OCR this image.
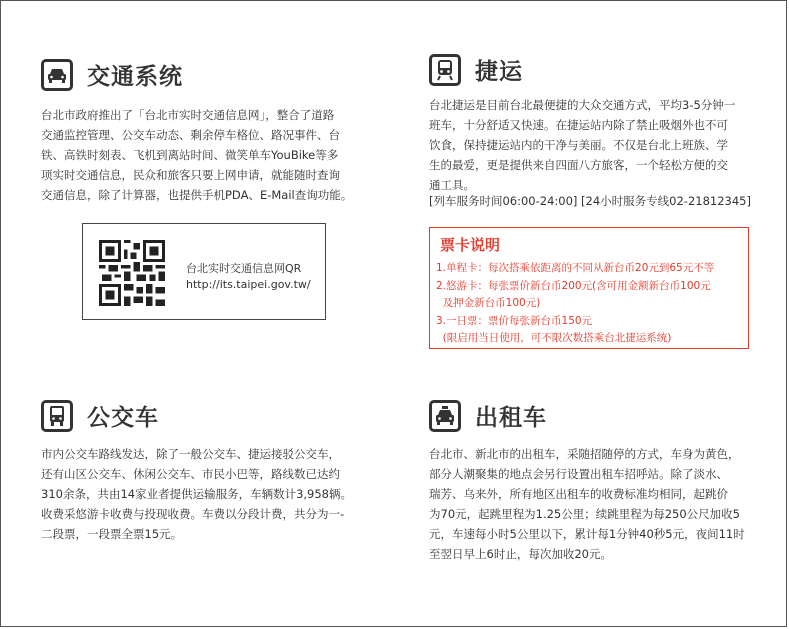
交通系统
台北市政府推出了「台北市实时交通信息网」，整合了道路
交通监控管理、公交车动态、剩余停车格位、路况事件、台
铁、高铁时刻表、飞机到离站时间、微笑单车YouBike等多
项实时交通信息，民众和旅客只要上网申请，就能随时查询
交通信息，除了计算器，也提供手机PDA、E-Mail查询功能。
台北实时交通信息网QR
http://its.taipei.gov.tw/
捷运
台北捷运是目前台北最便捷的大众交通方式，平均3-5分钟一
班车，十分舒适又快速。在捷运站内除了禁止吸烟外也不可
饮食，保持捷运站内的干净与美丽。不仅是台北上班族、学
生的最爱，更是提供来自四面八方旅客，一个轻松方便的交
通工具。
[列车服务时间06:00-24:00] [24小时服务专线02-21812345]
票卡说明
1.单程卡：每次搭乘依距离的不同从新台币20元到65元不等
2.悠游卡：每张票价新台币200元(含可用金额新台币100元
及押金新台币100元)
3.一日票：票价每张新台币150元
(限启用当日使用，可不限次数搭乘台北捷运系统)
公交车
市内公交车路线发达，除了一般公交车、捷运接驳公交车，
还有山区公交车、休闲公交车、市民小巴等，路线数已达约
310余条，共由14家业者提供运输服务，车辆数计3,958辆。
收费采悠游卡收费与投现收费。车费以分段计费，共分为一-
二段票，一段票全票15元。
出租车
台北市、新北市的出租车，采随招随停的方式，车身为黄色，
部分人潮聚集的地点会另行设置出租车招呼站。除了淡水、
瑞芳、乌来外，所有地区出租车的收费标准均相同，起跳价
为70元，起跳里程为1.25公里；续跳里程为每250公尺加收5
元，车速每小时5公里以下，累计每1分钟40秒5元，夜间11时
至翌日早上6时止，每次加收20元。
